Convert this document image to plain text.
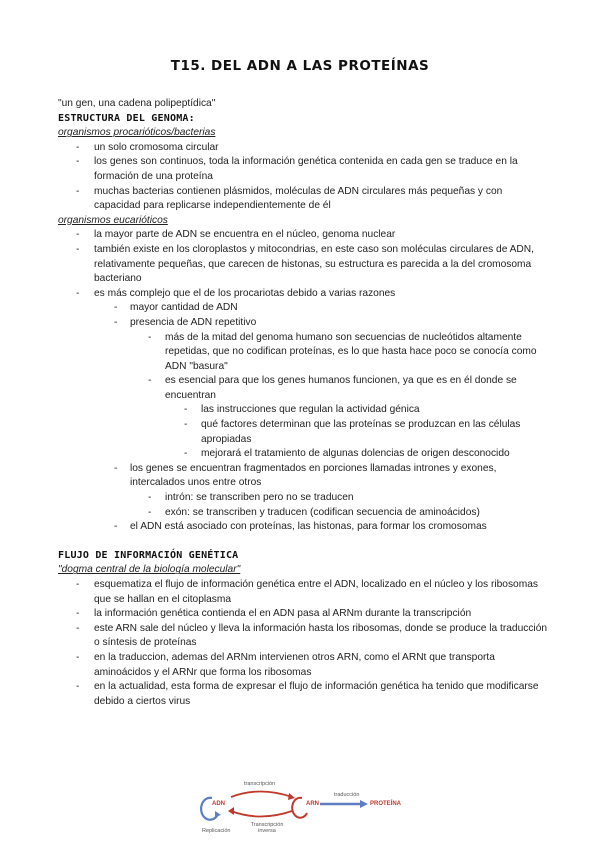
T15. DEL ADN A LAS PROTEÍNAS

"un gen, una cadena polipeptídica"

ESTRUCTURA DEL GENOMA:

organismos procarióticos/bacterias

- un solo cromosoma circular
- los genes son continuos, toda la información genética contenida en cada gen se traduce en la formación de una proteína
- muchas bacterias contienen plásmidos, moléculas de ADN circulares más pequeñas y con capacidad para replicarse independientemente de él

organismos eucarióticos

- la mayor parte de ADN se encuentra en el núcleo, genoma nuclear
- también existe en los cloroplastos y mitocondrias, en este caso son moléculas circulares de ADN, relativamente pequeñas, que carecen de histonas, su estructura es parecida a la del cromosoma bacteriano
- es más complejo que el de los procariotas debido a varias razones
- mayor cantidad de ADN
- presencia de ADN repetitivo
- más de la mitad del genoma humano son secuencias de nucleótidos altamente repetidas, que no codifican proteínas, es lo que hasta hace poco se conocía como ADN "basura"
- es esencial para que los genes humanos funcionen, ya que es en él donde se encuentran
- las instrucciones que regulan la actividad génica
- qué factores determinan que las proteínas se produzcan en las células apropiadas
- mejorará el tratamiento de algunas dolencias de origen desconocido
- los genes se encuentran fragmentados en porciones llamadas intrones y exones, intercalados unos entre otros
- intrón: se transcriben pero no se traducen
- exón: se transcriben y traducen (codifican secuencia de aminoácidos)
- el ADN está asociado con proteínas, las histonas, para formar los cromosomas

FLUJO DE INFORMACIÓN GENÉTICA

"dogma central de la biología molecular"

- esquematiza el flujo de información genética entre el ADN, localizado en el núcleo y los ribosomas que se hallan en el citoplasma
- la información genética contienda el en ADN pasa al ARNm durante la transcripción
- este ARN sale del núcleo y lleva la información hasta los ribosomas, donde se produce la traducción o síntesis de proteínas
- en la traduccion, ademas del ARNm intervienen otros ARN, como el ARNt que transporta aminoácidos y el ARNr que forma los ribosomas
- en la actualidad, esta forma de expresar el flujo de información genética ha tenido que modificarse debido a ciertos virus
ADN	ARN	PROTEÍNA
transcripción
traducción
Transcripción inversa
Replicación
